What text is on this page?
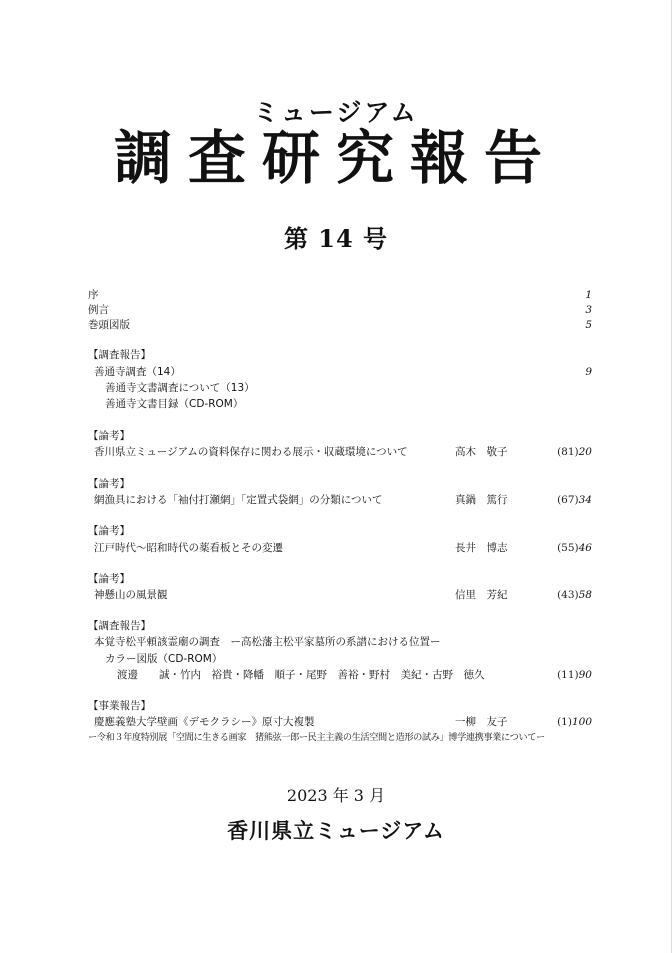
ミュージアム
調査研究報告
第 14 号
序	1
例言	3
巻頭図版	5
【調査報告】
善通寺調査（14）	9
善通寺文書調査について（13）
善通寺文書目録（CD-ROM）
【論考】
香川県立ミュージアムの資料保存に関わる展示・収蔵環境について	高木　敬子	(81)20
【論考】
網漁具における「袖付打瀬網」「定置式袋網」の分類について	真鍋　篤行	(67)34
【論考】
江戸時代～昭和時代の薬看板とその変遷	長井　博志	(55)46
【論考】
神懸山の風景観	信里　芳紀	(43)58
【調査報告】
本覚寺松平頼該霊廟の調査　ー高松藩主松平家墓所の系譜における位置ー
カラー図版（CD-ROM）
渡邊　　誠・竹内　裕貴・降幡　順子・尾野　善裕・野村　美紀・古野　徳久	(11)90
【事業報告】
慶應義塾大学壁画《デモクラシー》原寸大複製	一柳　友子	(1)100
ー令和３年度特別展「空間に生きる画家　猪熊弦一郎ー民主主義の生活空間と造形の試み」博学連携事業についてー
2023 年 3 月
香川県立ミュージアム
